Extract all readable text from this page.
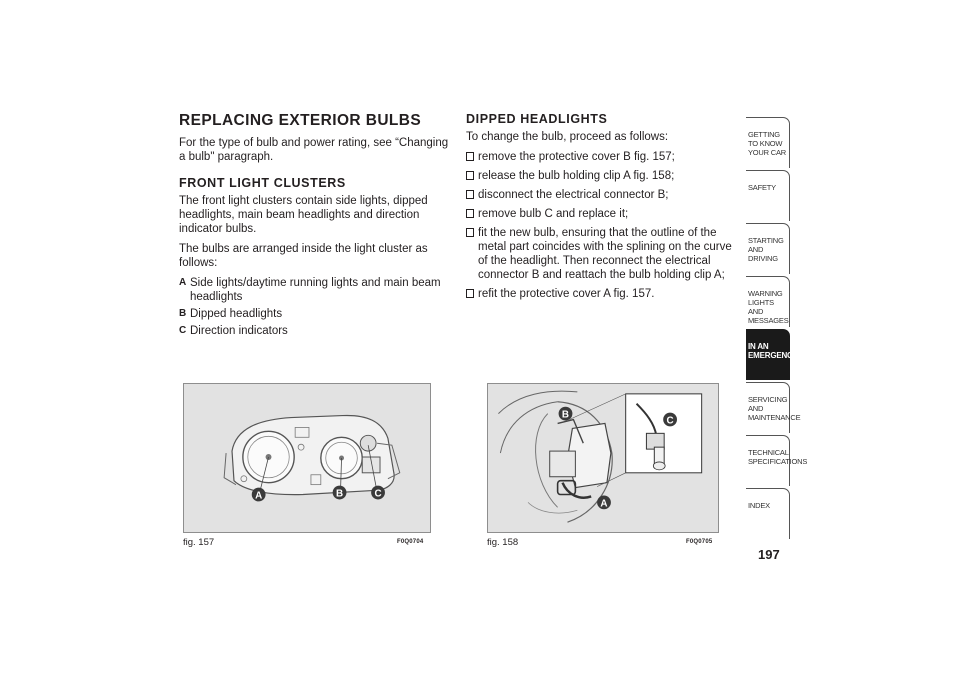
REPLACING EXTERIOR BULBS

For the type of bulb and power rating, see “Changing a bulb" paragraph.

FRONT LIGHT CLUSTERS

The front light clusters contain side lights, dipped headlights, main beam headlights and direction indicator bulbs.

The bulbs are arranged inside the light cluster as follows:

A Side lights/daytime running lights and main beam headlights
B Dipped headlights
C Direction indicators
DIPPED HEADLIGHTS

To change the bulb, proceed as follows:

remove the protective cover B fig. 157;
release the bulb holding clip A fig. 158;
disconnect the electrical connector B;
remove bulb C and replace it;
fit the new bulb, ensuring that the outline of the metal part coincides with the splining on the curve of the headlight. Then reconnect the electrical connector B and reattach the bulb holding clip A;
refit the protective cover A fig. 157.
A	B	C
fig. 157	F0Q0704
B
C
A
fig. 158	F0Q0705
GETTING TO KNOW
YOUR CAR
SAFETY
STARTING AND
DRIVING
WARNING LIGHTS
AND MESSAGES
IN AN
EMERGENCY
SERVICING AND
MAINTENANCE
TECHNICAL
SPECIFICATIONS
INDEX
197
